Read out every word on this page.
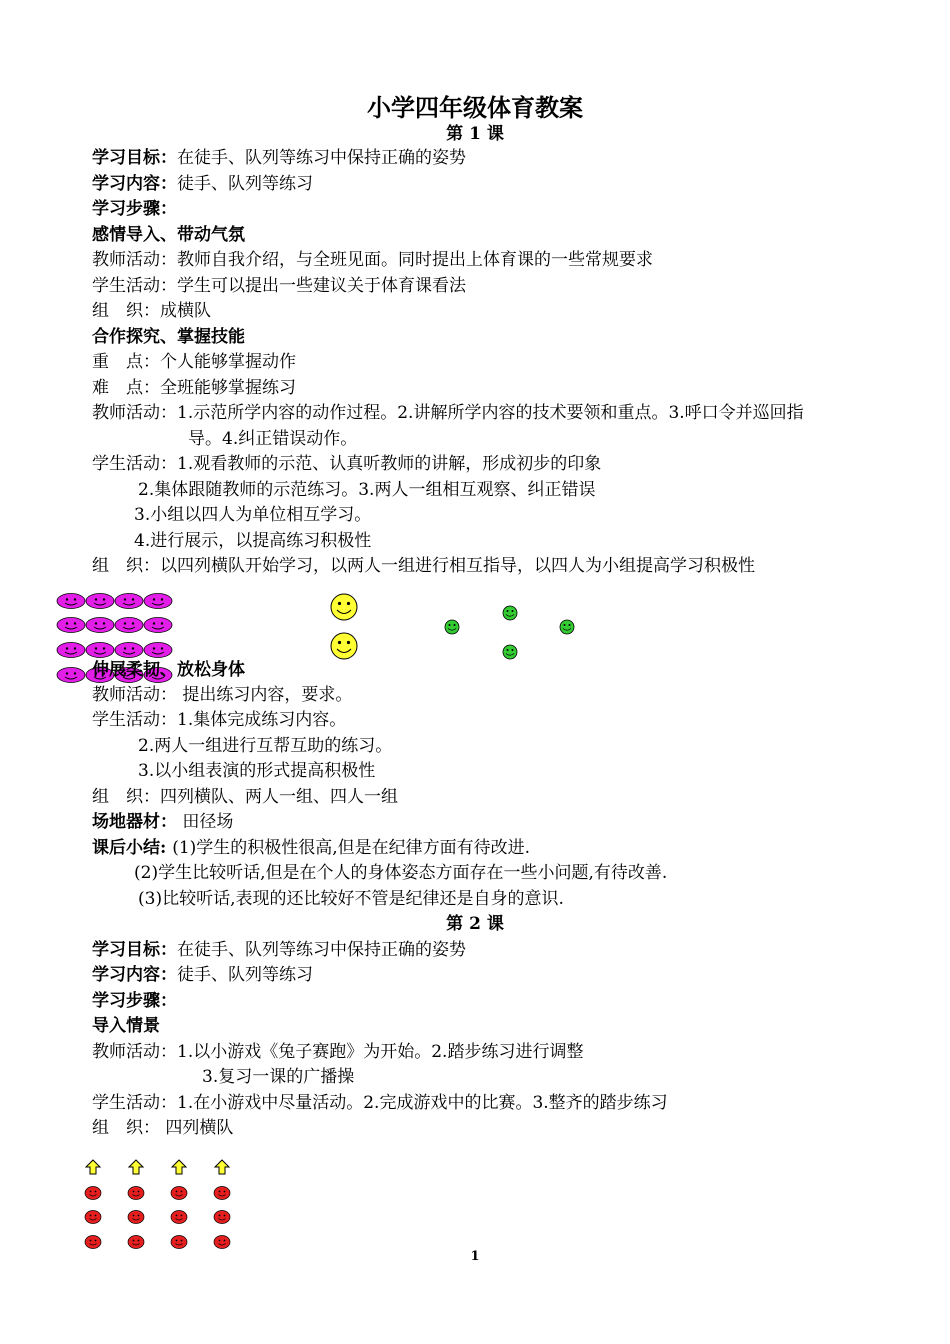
小学四年级体育教案
第 1 课
学习目标：在徒手、队列等练习中保持正确的姿势
学习内容：徒手、队列等练习
学习步骤：
感情导入、带动气氛
教师活动：教师自我介绍，与全班见面。同时提出上体育课的一些常规要求
学生活动：学生可以提出一些建议关于体育课看法
组　织：成横队
合作探究、掌握技能
重　点：个人能够掌握动作
难　点：全班能够掌握练习
教师活动：1.示范所学内容的动作过程。2.讲解所学内容的技术要领和重点。3.呼口令并巡回指
导。4.纠正错误动作。
学生活动：1.观看教师的示范、认真听教师的讲解，形成初步的印象
2.集体跟随教师的示范练习。3.两人一组相互观察、纠正错误
3.小组以四人为单位相互学习。
4.进行展示，以提高练习积极性
组　织：以四列横队开始学习，以两人一组进行相互指导，以四人为小组提高学习积极性
伸展柔韧、放松身体
教师活动： 提出练习内容，要求。
学生活动：1.集体完成练习内容。
2.两人一组进行互帮互助的练习。
3.以小组表演的形式提高积极性
组　织：四列横队、两人一组、四人一组
场地器材： 田径场
课后小结: (1)学生的积极性很高,但是在纪律方面有待改进.
(2)学生比较听话,但是在个人的身体姿态方面存在一些小问题,有待改善.
(3)比较听话,表现的还比较好不管是纪律还是自身的意识.
第 2 课
学习目标：在徒手、队列等练习中保持正确的姿势
学习内容：徒手、队列等练习
学习步骤：
导入情景
教师活动：1.以小游戏《兔子赛跑》为开始。2.踏步练习进行调整
3.复习一课的广播操
学生活动：1.在小游戏中尽量活动。2.完成游戏中的比赛。3.整齐的踏步练习
组　织： 四列横队
1
